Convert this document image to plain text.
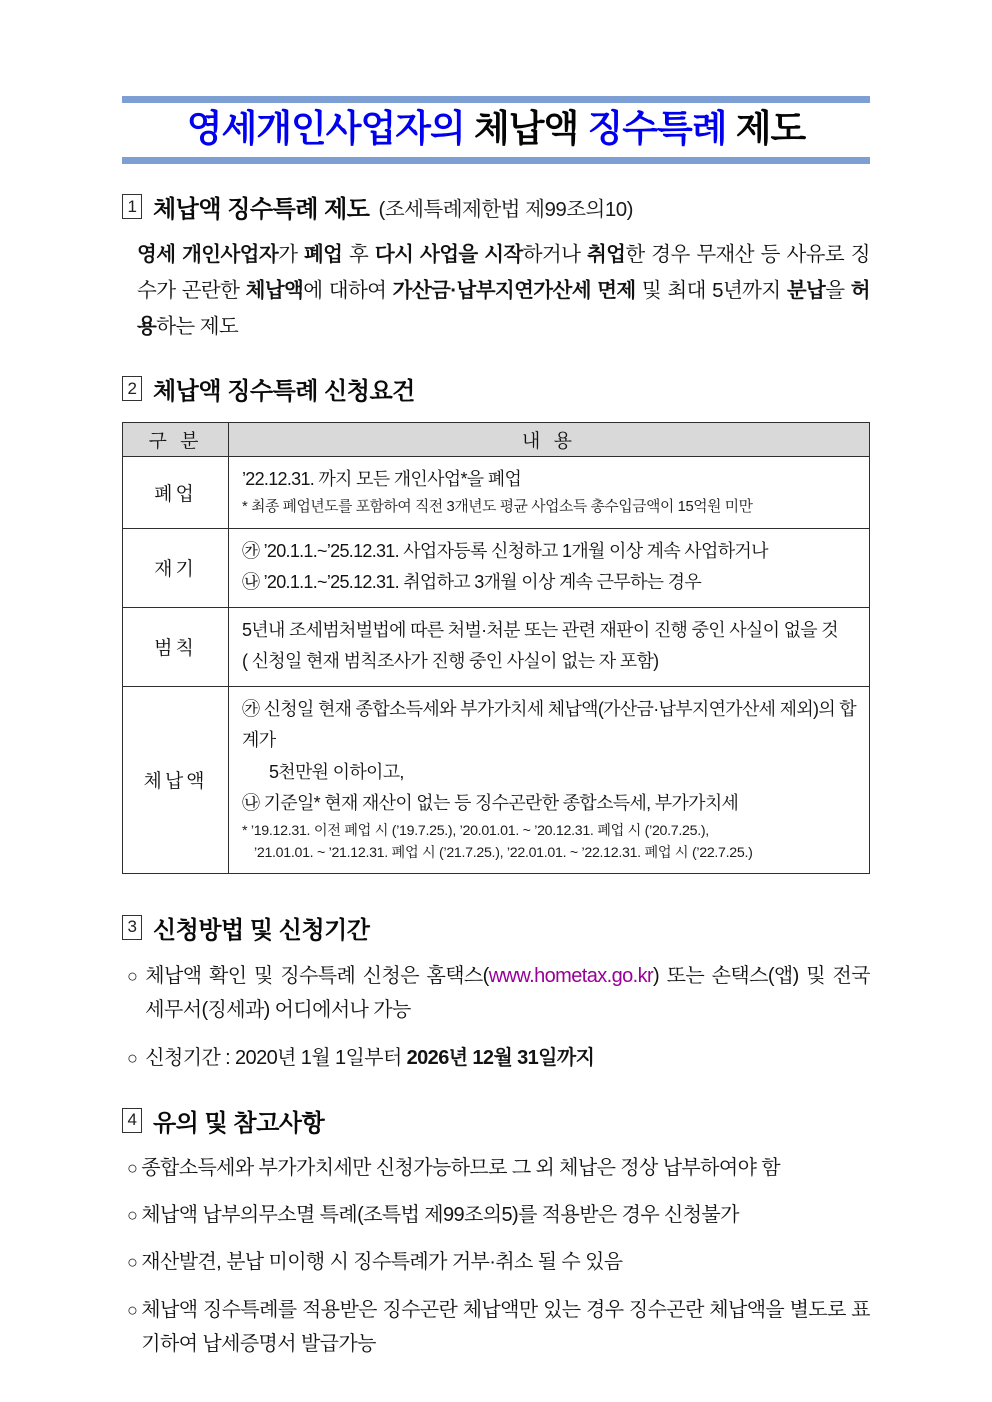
영세개인사업자의 체납액 징수특례 제도
1 체납액 징수특례 제도 (조세특례제한법 제99조의10)

영세 개인사업자가 폐업 후 다시 사업을 시작하거나 취업한 경우 무재산 등 사유로 징수가 곤란한 체납액에 대하여 가산금·납부지연가산세 면제 및 최대 5년까지 분납을 허용하는 제도

2 체납액 징수특례 신청요건
구 분	내 용
폐업	’22.12.31. 까지 모든 개인사업*을 폐업
* 최종 폐업년도를 포함하여 직전 3개년도 평균 사업소득 총수입금액이 15억원 미만

재기	㉮ ’20.1.1.~’25.12.31. 사업자등록 신청하고 1개월 이상 계속 사업하거나
㉯ ’20.1.1.~’25.12.31. 취업하고 3개월 이상 계속 근무하는 경우

범칙	5년내 조세범처벌법에 따른 처벌·처분 또는 관련 재판이 진행 중인 사실이 없을 것
( 신청일 현재 범칙조사가 진행 중인 사실이 없는 자 포함)

체납액	㉮ 신청일 현재 종합소득세와 부가가치세 체납액(가산금·납부지연가산세 제외)의 합계가
5천만원 이하이고,
㉯ 기준일* 현재 재산이 없는 등 징수곤란한 종합소득세, 부가가치세
* ’19.12.31. 이전 폐업 시 (’19.7.25.), ’20.01.01. ~ ’20.12.31. 폐업 시 (’20.7.25.),
’21.01.01. ~ ’21.12.31. 폐업 시 (’21.7.25.), ’22.01.01. ~ ’22.12.31. 폐업 시 (’22.7.25.)
3 신청방법 및 신청기간
○ 체납액 확인 및 징수특례 신청은 홈택스(www.hometax.go.kr) 또는 손택스(앱) 및 전국 세무서(징세과) 어디에서나 가능
○ 신청기간 : 2020년 1월 1일부터 2026년 12월 31일까지
4 유의 및 참고사항
○ 종합소득세와 부가가치세만 신청가능하므로 그 외 체납은 정상 납부하여야 함
○ 체납액 납부의무소멸 특례(조특법 제99조의5)를 적용받은 경우 신청불가
○ 재산발견, 분납 미이행 시 징수특례가 거부·취소 될 수 있음
○ 체납액 징수특례를 적용받은 징수곤란 체납액만 있는 경우 징수곤란 체납액을 별도로 표기하여 납세증명서 발급가능
